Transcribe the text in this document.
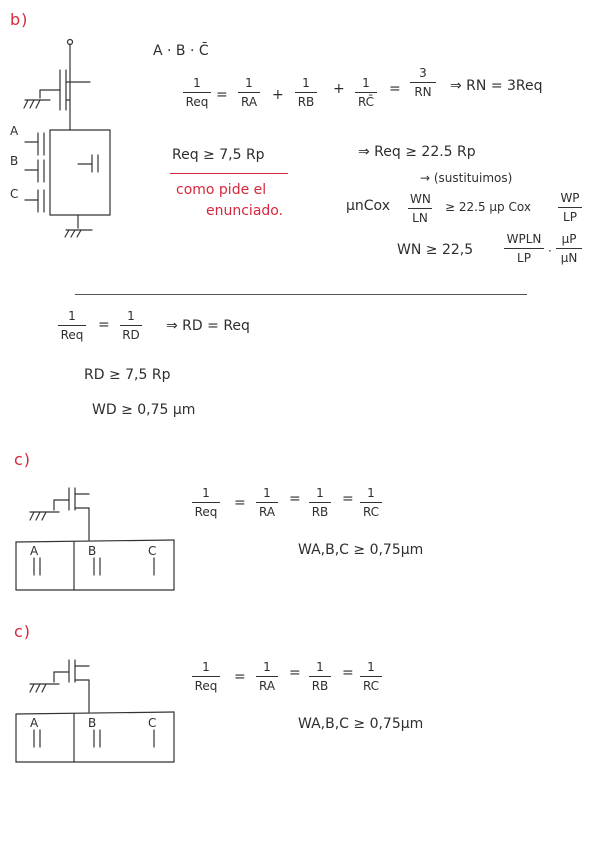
b)
A
B
C
A · B · C̄
1
Req =
1
RA +
1
RB
+	1
RC̄
=
3
RN	⇒ RN = 3Req
Req ≥ 7,5 Rp
como pide el
enunciado.
⇒ Req ≥ 22.5 Rp
→ (sustituimos)
μnCox WN
LN
≥ 22.5 μp Cox
WP
LP
WN ≥ 22,5
WPLN
LP	·
μP
μN
1
Req
=
1
RD
⇒ RD = Req
RD ≥ 7,5 Rp
WD ≥ 0,75 μm
c)
A	B	C
1
Req
=
1
RA
=	1
RB
=	1
RC
WA,B,C ≥ 0,75μm
c)
A	B	C
1
Req
=
1
RA
=	1
RB
=	1
RC
WA,B,C ≥ 0,75μm
